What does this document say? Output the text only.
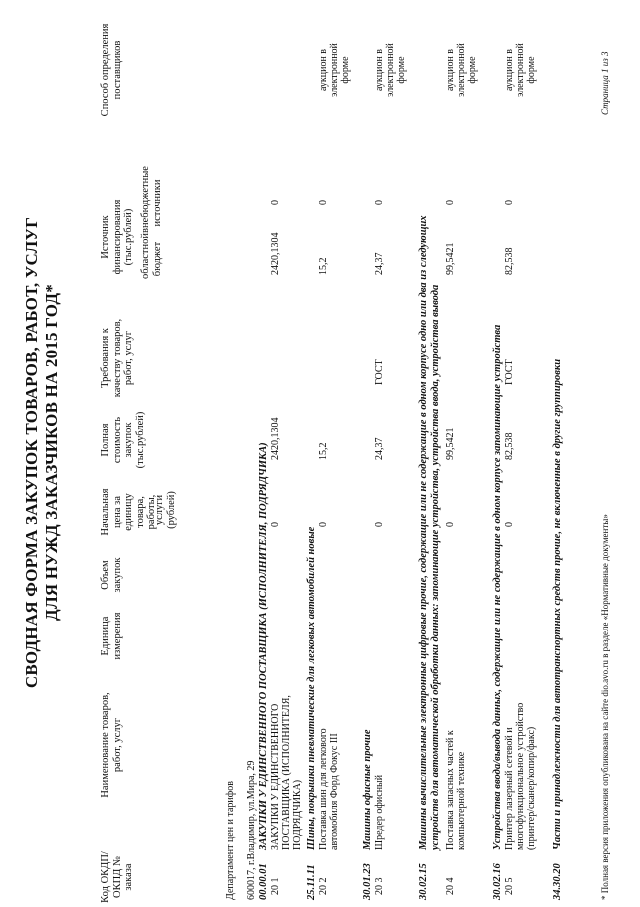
СВОДНАЯ ФОРМА ЗАКУПОК ТОВАРОВ, РАБОТ, УСЛУГ ДЛЯ НУЖД ЗАКАЗЧИКОВ НА 2015 ГОД*
Код ОКДП/ ОКПД № заказа
Наименование товаров, работ, услуг
Единица измерения
Объем закупок
Начальная цена за единицу товара, работы,
услуги (рублей)
Полная стоимость закупок (тыс.рублей)
Требования к качеству товаров, работ, услуг
Источник финансирования (тыс.рублей) областной бюджет
внебюджетные источники
Способ определения поставщиков
Департамент цен и тарифов 600017, г.Владимир, ул.Мира, 29 00.00.01
ЗАКУПКИ У ЕДИНСТВЕННОГО ПОСТАВЩИКА (ИСПОЛНИТЕЛЯ, ПОДРЯДЧИКА)
20 1
ЗАКУПКИ У ЕДИНСТВЕННОГО ПОСТАВЩИКА (ИСПОЛНИТЕЛЯ, ПОДРЯДЧИКА)
0
2420,1304
2420,1304
0
25.11.11
Шины, покрышки пневматические для легковых автомобилей новые
20 2
Поставка шин для легкового автомобиля Форд Фокус III
0
15,2
15,2
0
аукцион в электронной форме
30.01.23
Машины офисные прочие
20 3
Шредер офисный
0
24,37
ГОСТ
24,37
0
аукцион в электронной форме
30.02.15
Машины вычислительные электронные цифровые прочие, содержащие или не содержащие в одном корпусе одно или два из следующих устройств для автоматической обработки данных: запоминающие устройства, устройства ввода, устройства вывода
20 4
Поставка запасных частей к компьютерной технике
0
99,5421
99,5421
0
аукцион в электронной форме
30.02.16
Устройства ввода/вывода данных, содержащие или не содержащие в одном корпусе запоминающие устройства
20 5
Принтер лазерный сетевой и многофункциональное устройство (принтер/сканер/копир/факс)
0
82,538
ГОСТ
82,538
0
аукцион в электронной форме
34.30.20
Части и принадлежности для автотранспортных средств прочие, не включенные в другие группировки	* Полная версия приложения опубликована на сайте dio.avo.ru в разделе «Нормативные документы»
Страница 1 из 3
